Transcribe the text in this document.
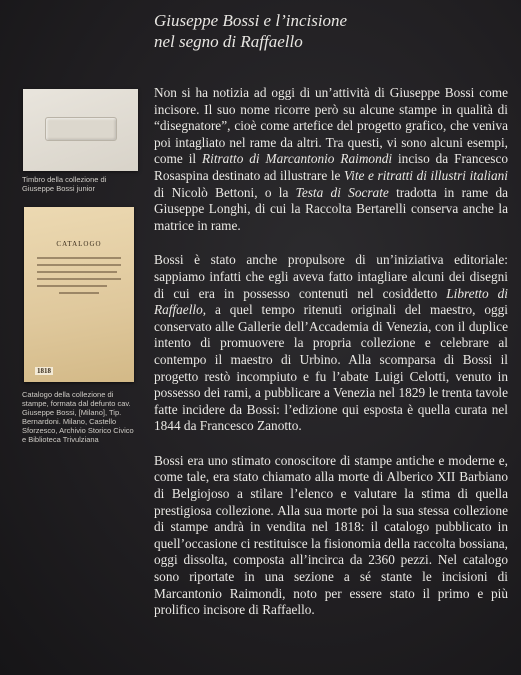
Giuseppe Bossi e l’incisione
nel segno di Raffaello
Timbro della collezione di Giuseppe Bossi junior
CATALOGO
1818
Catalogo della collezione di stampe, formata dal defunto cav. Giuseppe Bossi, [Milano], Tip. Bernardoni. Milano, Castello Sforzesco, Archivio Storico Civico e Biblioteca Trivulziana

Non si ha notizia ad oggi di un’attività di Giuseppe Bossi come incisore. Il suo nome ricorre però su alcune stampe in qualità di “disegnatore”, cioè come artefice del progetto grafico, che veniva poi intagliato nel rame da altri. Tra questi, vi sono alcuni esempi, come il Ritratto di Marcantonio Raimondi inciso da Francesco Rosaspina destinato ad illustrare le Vite e ritratti di illustri italiani di Nicolò Bettoni, o la Testa di Socrate tradotta in rame da Giuseppe Longhi, di cui la Raccolta Bertarelli conserva anche la matrice in rame.

Bossi è stato anche propulsore di un’iniziativa editoriale: sappiamo infatti che egli aveva fatto intagliare alcuni dei disegni di cui era in possesso contenuti nel cosiddetto Libretto di Raffaello, a quel tempo ritenuti originali del maestro, oggi conservato alle Gallerie dell’Accademia di Venezia, con il duplice intento di promuovere la propria collezione e celebrare al contempo il maestro di Urbino. Alla scomparsa di Bossi il progetto restò incompiuto e fu l’abate Luigi Celotti, venuto in possesso dei rami, a pubblicare a Venezia nel 1829 le trenta tavole fatte incidere da Bossi: l’edizione qui esposta è quella curata nel 1844 da Francesco Zanotto.

Bossi era uno stimato conoscitore di stampe antiche e moderne e, come tale, era stato chiamato alla morte di Alberico XII Barbiano di Belgiojoso a stilare l’elenco e valutare la stima di quella prestigiosa collezione. Alla sua morte poi la sua stessa collezione di stampe andrà in vendita nel 1818: il catalogo pubblicato in quell’occasione ci restituisce la fisionomia della raccolta bossiana, oggi dissolta, composta all’incirca da 2360 pezzi. Nel catalogo sono riportate in una sezione a sé stante le incisioni di Marcantonio Raimondi, noto per essere stato il primo e più prolifico incisore di Raffaello.
